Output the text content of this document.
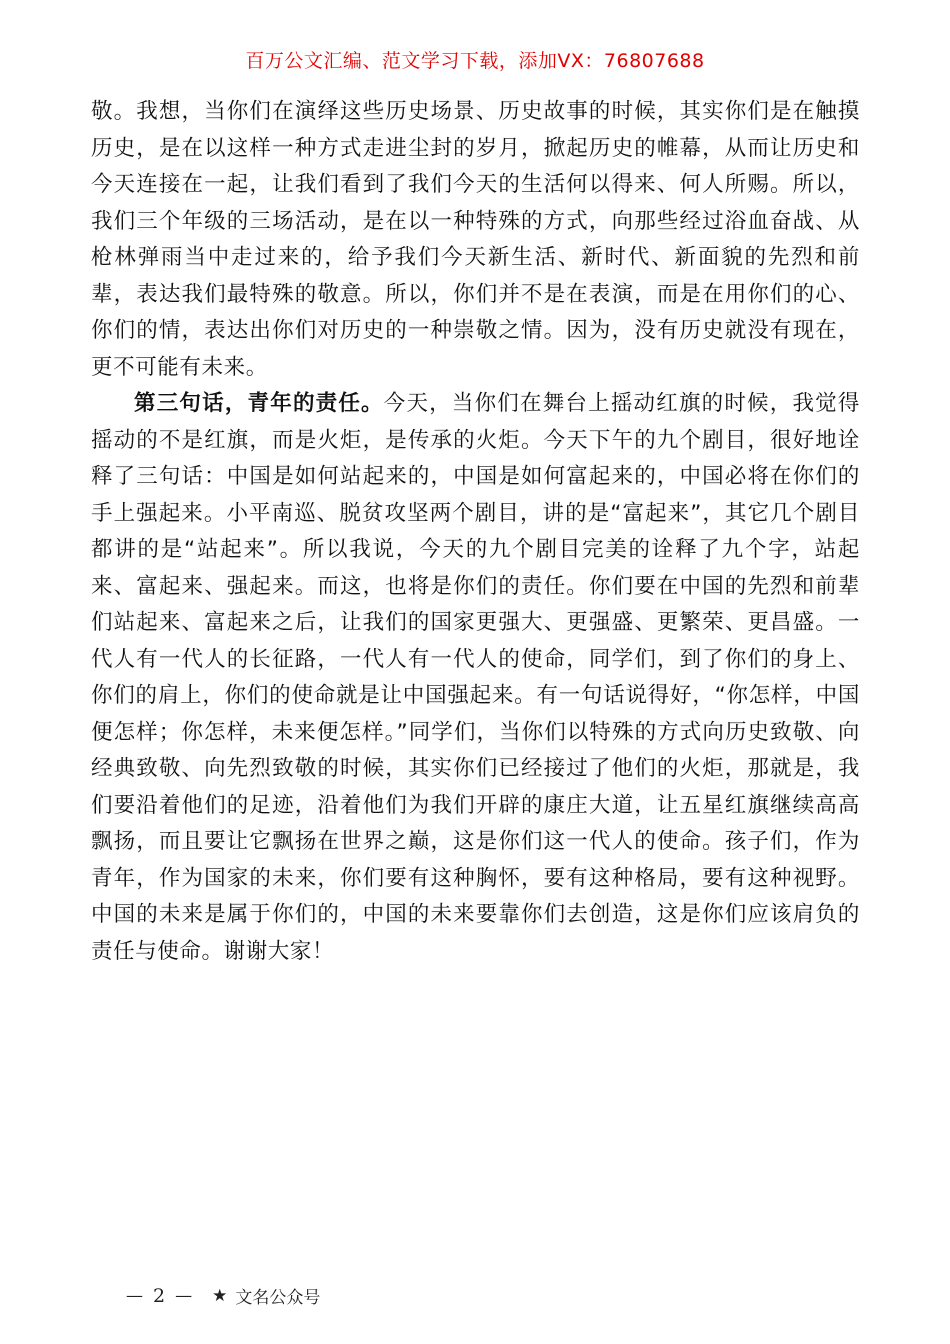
百万公文汇编、范文学习下载，添加VX：76807688

敬。我想，当你们在演绎这些历史场景、历史故事的时候，其实你们是在触摸历史，是在以这样一种方式走进尘封的岁月，掀起历史的帷幕，从而让历史和今天连接在一起，让我们看到了我们今天的生活何以得来、何人所赐。所以，我们三个年级的三场活动，是在以一种特殊的方式，向那些经过浴血奋战、从枪林弹雨当中走过来的，给予我们今天新生活、新时代、新面貌的先烈和前辈，表达我们最特殊的敬意。所以，你们并不是在表演，而是在用你们的心、你们的情，表达出你们对历史的一种崇敬之情。因为，没有历史就没有现在，更不可能有未来。

第三句话，青年的责任。今天，当你们在舞台上摇动红旗的时候，我觉得摇动的不是红旗，而是火炬，是传承的火炬。今天下午的九个剧目，很好地诠释了三句话：中国是如何站起来的，中国是如何富起来的，中国必将在你们的手上强起来。小平南巡、脱贫攻坚两个剧目，讲的是“富起来”，其它几个剧目都讲的是“站起来”。所以我说，今天的九个剧目完美的诠释了九个字，站起来、富起来、强起来。而这，也将是你们的责任。你们要在中国的先烈和前辈们站起来、富起来之后，让我们的国家更强大、更强盛、更繁荣、更昌盛。一代人有一代人的长征路，一代人有一代人的使命，同学们，到了你们的身上、你们的肩上，你们的使命就是让中国强起来。有一句话说得好，“你怎样，中国便怎样；你怎样，未来便怎样。”同学们，当你们以特殊的方式向历史致敬、向经典致敬、向先烈致敬的时候，其实你们已经接过了他们的火炬，那就是，我们要沿着他们的足迹，沿着他们为我们开辟的康庄大道，让五星红旗继续高高飘扬，而且要让它飘扬在世界之巅，这是你们这一代人的使命。孩子们，作为青年，作为国家的未来，你们要有这种胸怀，要有这种格局，要有这种视野。中国的未来是属于你们的，中国的未来要靠你们去创造，这是你们应该肩负的责任与使命。谢谢大家！

— 2 — ★ 文名公众号
